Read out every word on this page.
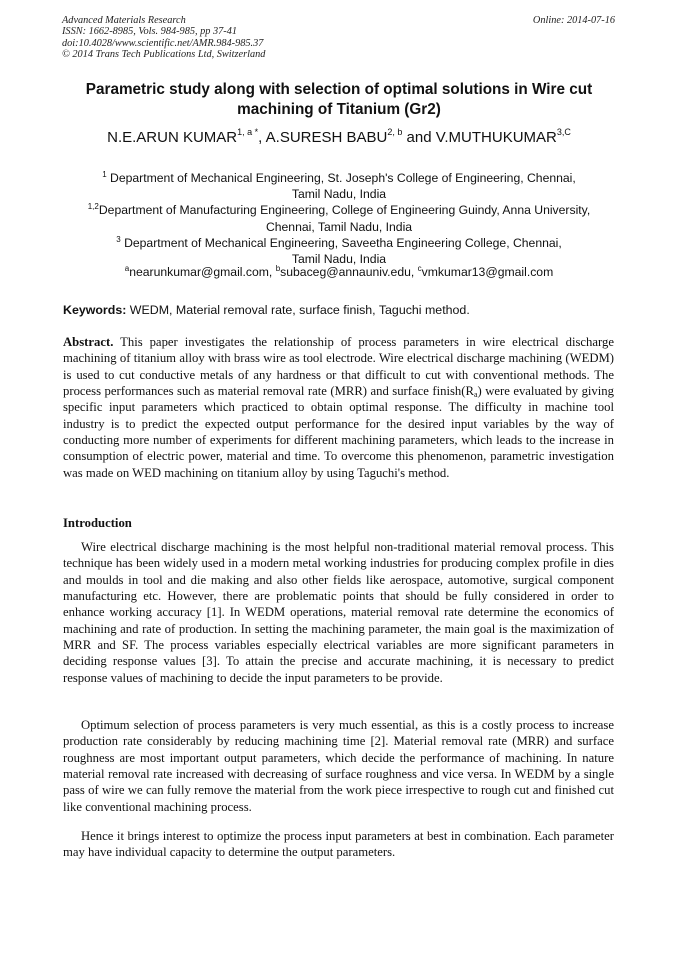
Advanced Materials Research
ISSN: 1662-8985, Vols. 984-985, pp 37-41
doi:10.4028/www.scientific.net/AMR.984-985.37
© 2014 Trans Tech Publications Ltd, Switzerland
Online: 2014-07-16
Parametric study along with selection of optimal solutions in Wire cut
machining of Titanium (Gr2)
N.E.ARUN $KUMAR^{1, a *}$, A.SURESH BABU$^{2, b}$ and $V.MUTHUKUMAR^{3,C}$
$^1$ Department of Mechanical Engineering, St. Joseph's College of Engineering, Chennai,
Tamil Nadu, India
$^{1,2}$Department of Manufacturing Engineering, College of Engineering Guindy, Anna University,
Chennai, Tamil Nadu, India
$^3$ Department of Mechanical Engineering, Saveetha Engineering College, Chennai,
Tamil Nadu, India
$^a$nearunkumar@gmail.com, $^b$subaceg@annauniv.edu, $^c$vmkumar13@gmail.com
Keywords: WEDM, Material removal rate, surface finish, Taguchi method.
Abstract. This paper investigates the relationship of process parameters in wire electrical discharge machining of titanium alloy with brass wire as tool electrode. Wire electrical discharge machining (WEDM) is used to cut conductive metals of any hardness or that difficult to cut with conventional methods. The process performances such as material removal rate (MRR) and surface $finish(R_a)$ were evaluated by giving specific input parameters which practiced to obtain optimal response. The difficulty in machine tool industry is to predict the expected output performance for the desired input variables by the way of conducting more number of experiments for different machining parameters, which leads to the increase in consumption of electric power, material and time. To overcome this phenomenon, parametric investigation was made on WED machining on titanium alloy by using Taguchi's method.
Introduction
Wire electrical discharge machining is the most helpful non-traditional material removal process. This technique has been widely used in a modern metal working industries for producing complex profile in dies and moulds in tool and die making and also other fields like aerospace, automotive, surgical component manufacturing etc. However, there are problematic points that should be fully considered in order to enhance working accuracy [1]. In WEDM operations, material removal rate determine the economics of machining and rate of production. In setting the machining parameter, the main goal is the maximization of MRR and SF. The process variables especially electrical variables are more significant parameters in deciding response values [3]. To attain the precise and accurate machining, it is necessary to predict response values of machining to decide the input parameters to be provide.
Optimum selection of process parameters is very much essential, as this is a costly process to increase production rate considerably by reducing machining time [2]. Material removal rate (MRR) and surface roughness are most important output parameters, which decide the performance of machining. In nature material removal rate increased with decreasing of surface roughness and vice versa. In WEDM by a single pass of wire we can fully remove the material from the work piece irrespective to rough cut and finished cut like conventional machining process.
Hence it brings interest to optimize the process input parameters at best in combination. Each parameter may have individual capacity to determine the output parameters.
